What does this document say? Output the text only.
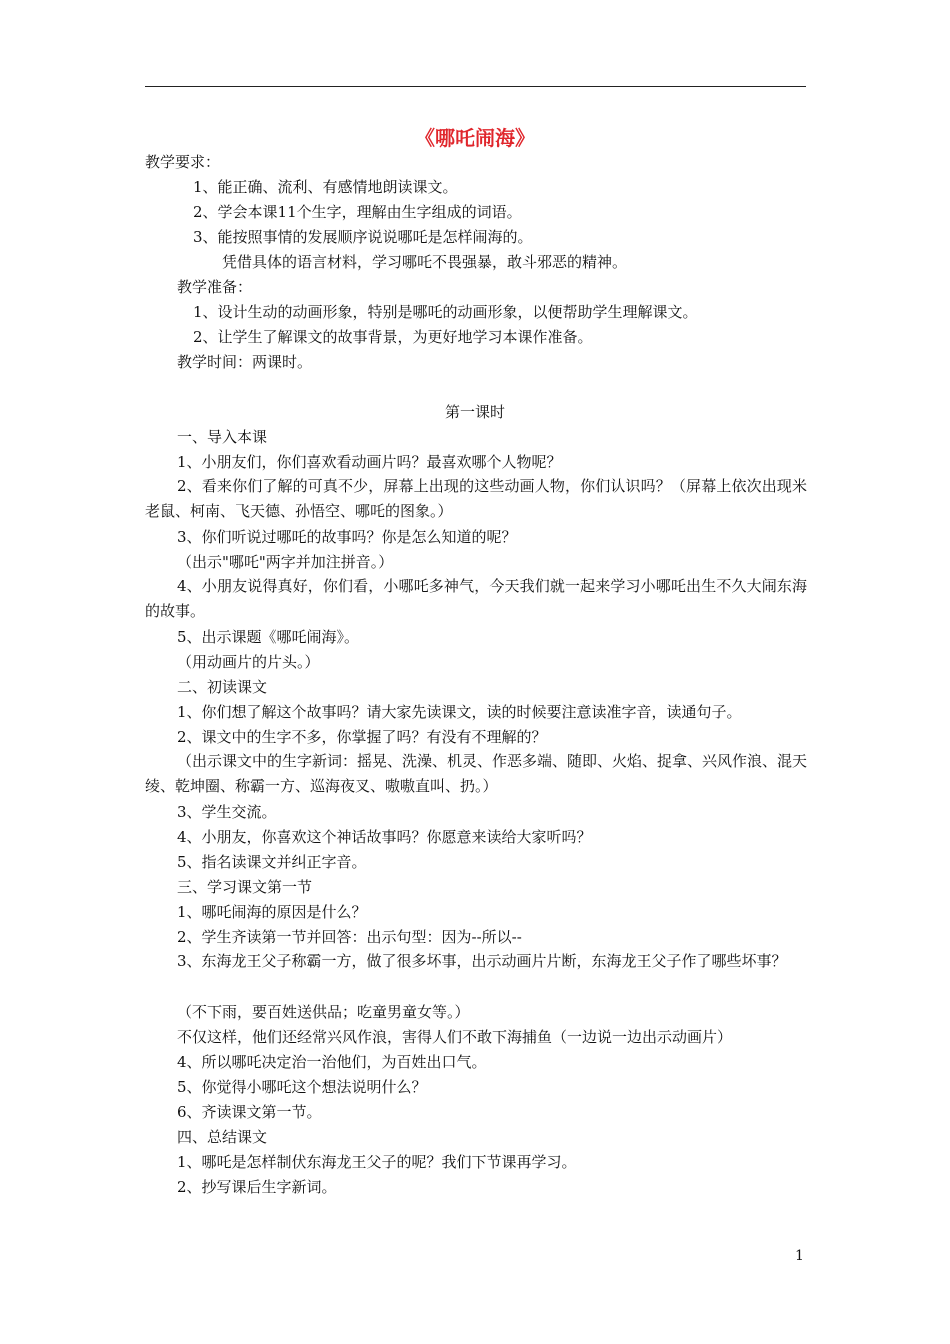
《哪吒闹海》
教学要求：
1、能正确、流利、有感情地朗读课文。
2、学会本课11个生字，理解由生字组成的词语。
3、能按照事情的发展顺序说说哪吒是怎样闹海的。
凭借具体的语言材料，学习哪吒不畏强暴，敢斗邪恶的精神。
教学准备：
1、设计生动的动画形象，特别是哪吒的动画形象，以便帮助学生理解课文。
2、让学生了解课文的故事背景，为更好地学习本课作准备。
教学时间：两课时。
第一课时
一、导入本课
1、小朋友们，你们喜欢看动画片吗？最喜欢哪个人物呢？
2、看来你们了解的可真不少，屏幕上出现的这些动画人物，你们认识吗？（屏幕上依次出现米老鼠、柯南、飞天德、孙悟空、哪吒的图象。）
3、你们听说过哪吒的故事吗？你是怎么知道的呢？
（出示"哪吒"两字并加注拼音。）
4、小朋友说得真好，你们看，小哪吒多神气，今天我们就一起来学习小哪吒出生不久大闹东海的故事。
5、出示课题《哪吒闹海》。
（用动画片的片头。）
二、初读课文
1、你们想了解这个故事吗？请大家先读课文，读的时候要注意读准字音，读通句子。
2、课文中的生字不多，你掌握了吗？有没有不理解的？
（出示课文中的生字新词：摇晃、洗澡、机灵、作恶多端、随即、火焰、捉拿、兴风作浪、混天绫、乾坤圈、称霸一方、巡海夜叉、嗷嗷直叫、扔。）
3、学生交流。
4、小朋友，你喜欢这个神话故事吗？你愿意来读给大家听吗？
5、指名读课文并纠正字音。
三、学习课文第一节
1、哪吒闹海的原因是什么？
2、学生齐读第一节并回答：出示句型：因为--所以--
3、东海龙王父子称霸一方，做了很多坏事，出示动画片片断，东海龙王父子作了哪些坏事？
（不下雨，要百姓送供品；吃童男童女等。）
不仅这样，他们还经常兴风作浪，害得人们不敢下海捕鱼（一边说一边出示动画片）
4、所以哪吒决定治一治他们，为百姓出口气。
5、你觉得小哪吒这个想法说明什么？
6、齐读课文第一节。
四、总结课文
1、哪吒是怎样制伏东海龙王父子的呢？我们下节课再学习。
2、抄写课后生字新词。
1
